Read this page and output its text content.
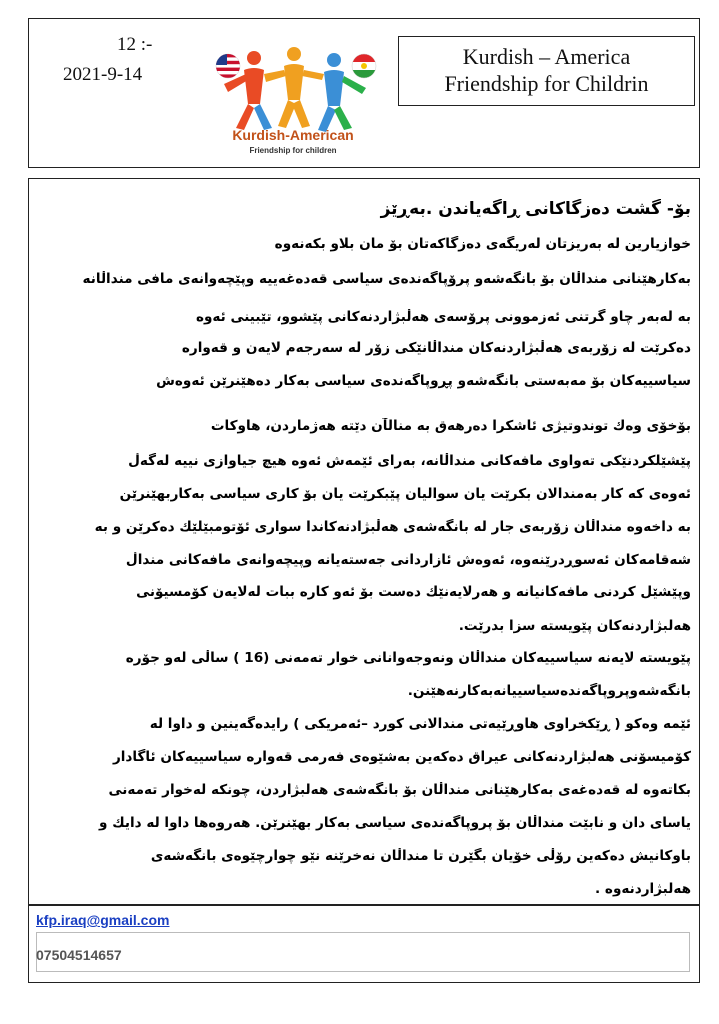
12 :-
2021-9-14
Kurdish-American
Friendship for children
Kurdish – America
Friendship for Childrin
بۆ- گشت دەزگاکانی ڕاگەیاندن .بەڕێز
خوازیارین لە بەریزتان لەریگەی دەزگاکەتان بۆ مان بلاو بکەنەوە
بەکارهێنانی منداڵان بۆ بانگەشەو پرۆپاگەندەی سیاسی قەدەغەییە وپێچەوانەی مافی منداڵانە
بە لەبەر چاو گرتنی ئەزموونی پرۆسەی هەڵبژاردنەکانی پێشوو، تێبینی ئەوە
دەکرێت لە زۆربەی هەڵبژاردنەکان منداڵانێکی زۆر لە سەرجەم لایەن و قەوارە
سیاسییەکان بۆ مەبەستی بانگەشەو پڕوپاگەندەی سیاسی بەکار دەهێنرێن ئەوەش
بۆخۆی وەك توندوتیژی ئاشکرا دەرهەق بە منالآن دێتە هەژماردن، هاوکات
پێشێلکردنێکی تەواوی مافەکانی منداڵانە، بەرای ئێمەش ئەوە هیچ جیاوازی نییە لەگەڵ
ئەوەی کە کار بەمندالان بکرێت یان سوالیان پێبکرێت یان بۆ کاری سیاسی بەکاربهێنرێن
بە داخەوە منداڵان زۆربەی جار لە بانگەشەی هەڵبژادنەکاندا سواری ئۆتومبێلێك دەکرێن و بە
شەقامەکان ئەسوڕدرێنەوە، ئەوەش ئازاردانی جەستەیانە وپیچەوانەی مافەکانی منداڵ
وپێشێل کردنی مافەکانیانە و هەرلایەنێك دەست بۆ ئەو کارە ببات لەلایەن کۆمسیۆنی
هەلبژاردنەکان پێویستە سزا بدرێت.
پێویستە لایەنە سیاسییەکان منداڵان ونەوجەوانانی خوار تەمەنی (16 ) ساڵی لەو جۆرە
بانگەشەوپروپاگەندەسیاسییانەبەکارنەهێنن.
ئێمە وەکو ( ڕێکخراوی هاوڕێیەتی مندالانی کورد –ئەمریکی ) رایدەگەینین و داوا لە
کۆمیسۆنی هەلبژاردنەکانی عیراق دەکەین بەشێوەی فەرمی قەوارە سیاسییەکان ئاگادار
بکاتەوە لە قەدەغەی بەکارهێنانی منداڵان بۆ بانگەشەی هەلبژاردن، چونکە لەخوار تەمەنی
یاسای دان و نابێت منداڵان بۆ پروپاگەندەی سیاسی بەکار بهێنرێن. هەروەها داوا لە دایك و
باوکانیش دەکەین رۆڵی خۆیان بگێرن تا منداڵان نەخرێنە نێو چوارچێوەی بانگەشەی
هەلبژاردنەوە .
kfp.iraq@gmail.com
07504514657
